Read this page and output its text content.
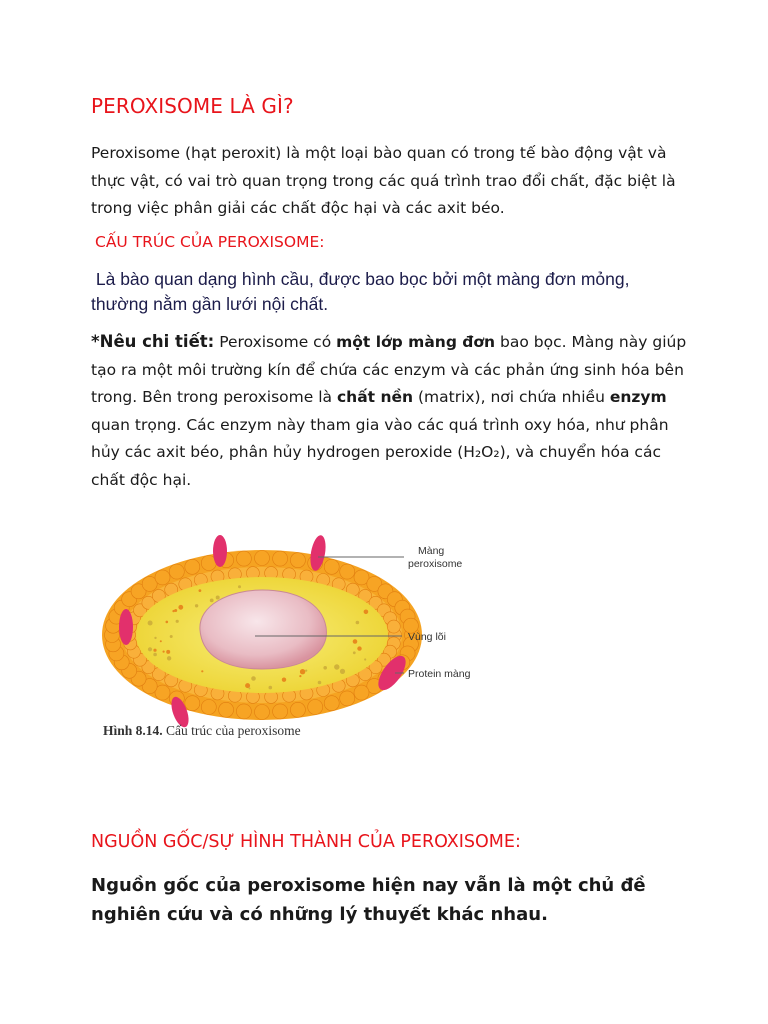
PEROXISOME LÀ GÌ?
Peroxisome (hạt peroxit) là một loại bào quan có trong tế bào động vật và thực vật, có vai trò quan trọng trong các quá trình trao đổi chất, đặc biệt là trong việc phân giải các chất độc hại và các axit béo.
CẤU TRÚC CỦA PEROXISOME:
Là bào quan dạng hình cầu, được bao bọc bởi một màng đơn mỏng, thường nằm gần lưới nội chất.
*Nêu chi tiết: Peroxisome có một lớp màng đơn bao bọc. Màng này giúp tạo ra một môi trường kín để chứa các enzym và các phản ứng sinh hóa bên trong. Bên trong peroxisome là chất nền (matrix), nơi chứa nhiều enzym quan trọng. Các enzym này tham gia vào các quá trình oxy hóa, như phân hủy các axit béo, phân hủy hydrogen peroxide (H₂O₂), và chuyển hóa các chất độc hại.
Màng
peroxisome
Vùng lõi
Protein màng
Hình 8.14. Cấu trúc của peroxisome
NGUỒN GỐC/SỰ HÌNH THÀNH CỦA PEROXISOME:
Nguồn gốc của peroxisome hiện nay vẫn là một chủ đề nghiên cứu và có những lý thuyết khác nhau.
